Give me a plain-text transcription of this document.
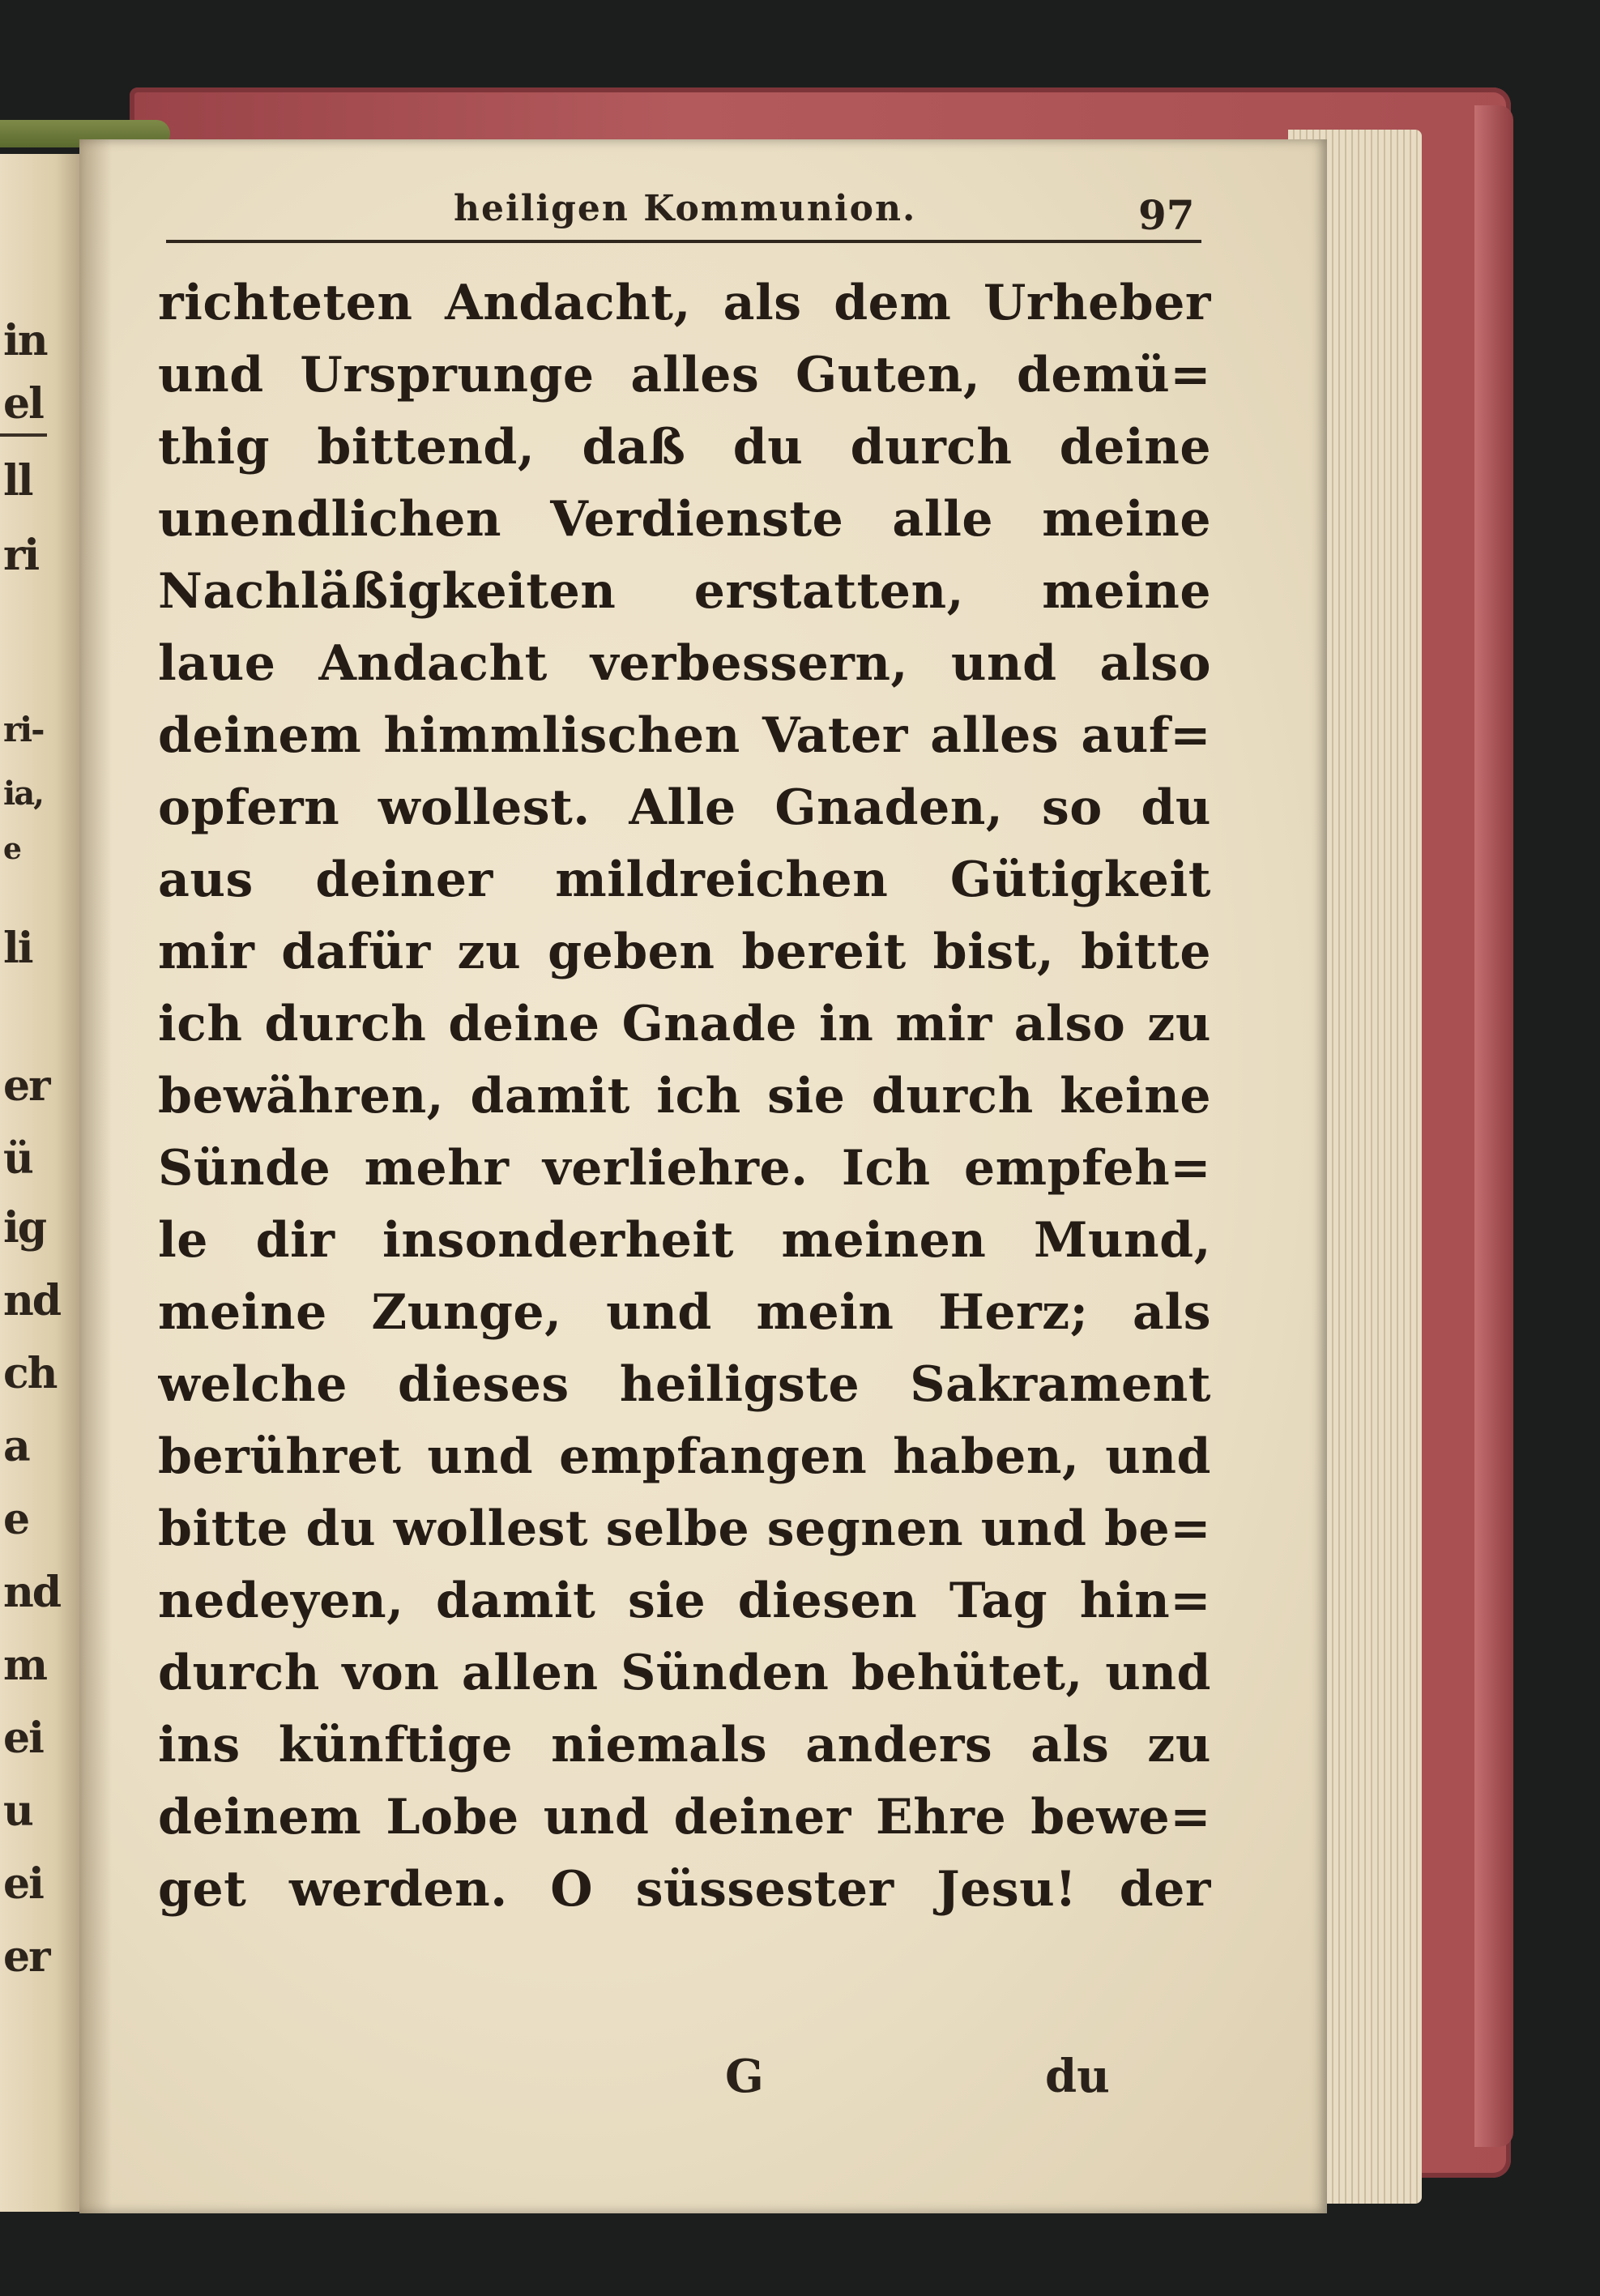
in

el

ll

ri

ri-

ia,

e

li

er

ü

ig

nd

ch

a

e

nd

m

ei

u

ei

er

heiligen Kommunion.	97

richteten Andacht, als dem Urheber

und Ursprunge alles Guten, demü=

thig bittend, daß du durch deine

unendlichen Verdienste alle meine

Nachläßigkeiten erstatten, meine

laue Andacht verbessern, und also

deinem himmlischen Vater alles auf=

opfern wollest. Alle Gnaden, so du

aus deiner mildreichen Gütigkeit

mir dafür zu geben bereit bist, bitte

ich durch deine Gnade in mir also zu

bewähren, damit ich sie durch keine

Sünde mehr verliehre. Ich empfeh=

le dir insonderheit meinen Mund,

meine Zunge, und mein Herz; als

welche dieses heiligste Sakrament

berühret und empfangen haben, und

bitte du wollest selbe segnen und be=

nedeyen, damit sie diesen Tag hin=

durch von allen Sünden behütet, und

ins künftige niemals anders als zu

deinem Lobe und deiner Ehre bewe=

get werden. O süssester Jesu! der

G	du
